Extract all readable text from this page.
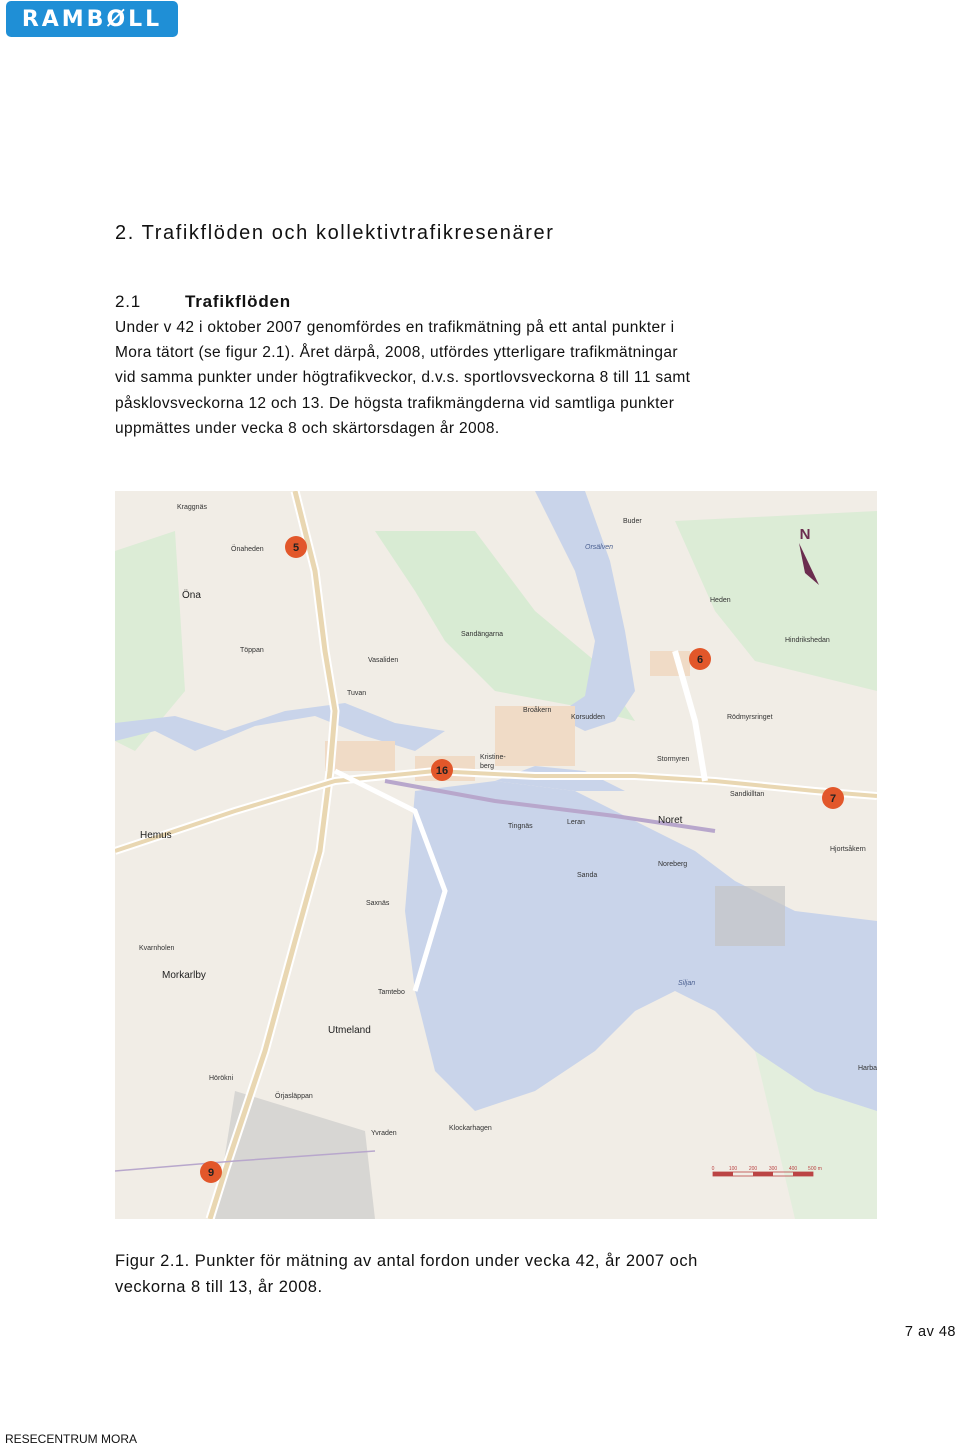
RAMBØLL
2. Trafikflöden och kollektivtrafikresenärer
2.1	Trafikflöden
Under v 42 i oktober 2007 genomfördes en trafikmätning på ett antal punkter i
Mora tätort (se figur 2.1). Året därpå, 2008, utfördes ytterligare trafikmätningar
vid samma punkter under högtrafikveckor, d.v.s. sportlovsveckorna 8 till 11 samt
påsklovsveckorna 12 och 13. De högsta trafikmängderna vid samtliga punkter
uppmättes under vecka 8 och skärtorsdagen år 2008.
N
Kraggnäs
Önaheden
Buder
Orsälven
Heden
Hindrikshedan
Sandängarna
Töppan
Vasaliden
Tuvan
Broåkern
Korsudden	Rödmyrsringet
Kristine-
berg
Stormyren
Sandkilltan
Tingnäs
Leran
Hjortsåkern
Noreberg
Sanda
Saxnäs
Kvarnholen
Siljan
Tamtebo
Harba
Hörökni
Örjasläppan
Yvraden
Klockarhagen
Öna
Hemus
Noret
Morkarlby
Utmeland
5
6
16
7
9	0	100 200 300 400 500 m
Figur 2.1. Punkter för mätning av antal fordon under vecka 42, år 2007 och
veckorna 8 till 13, år 2008.
7 av 48
RESECENTRUM MORA
